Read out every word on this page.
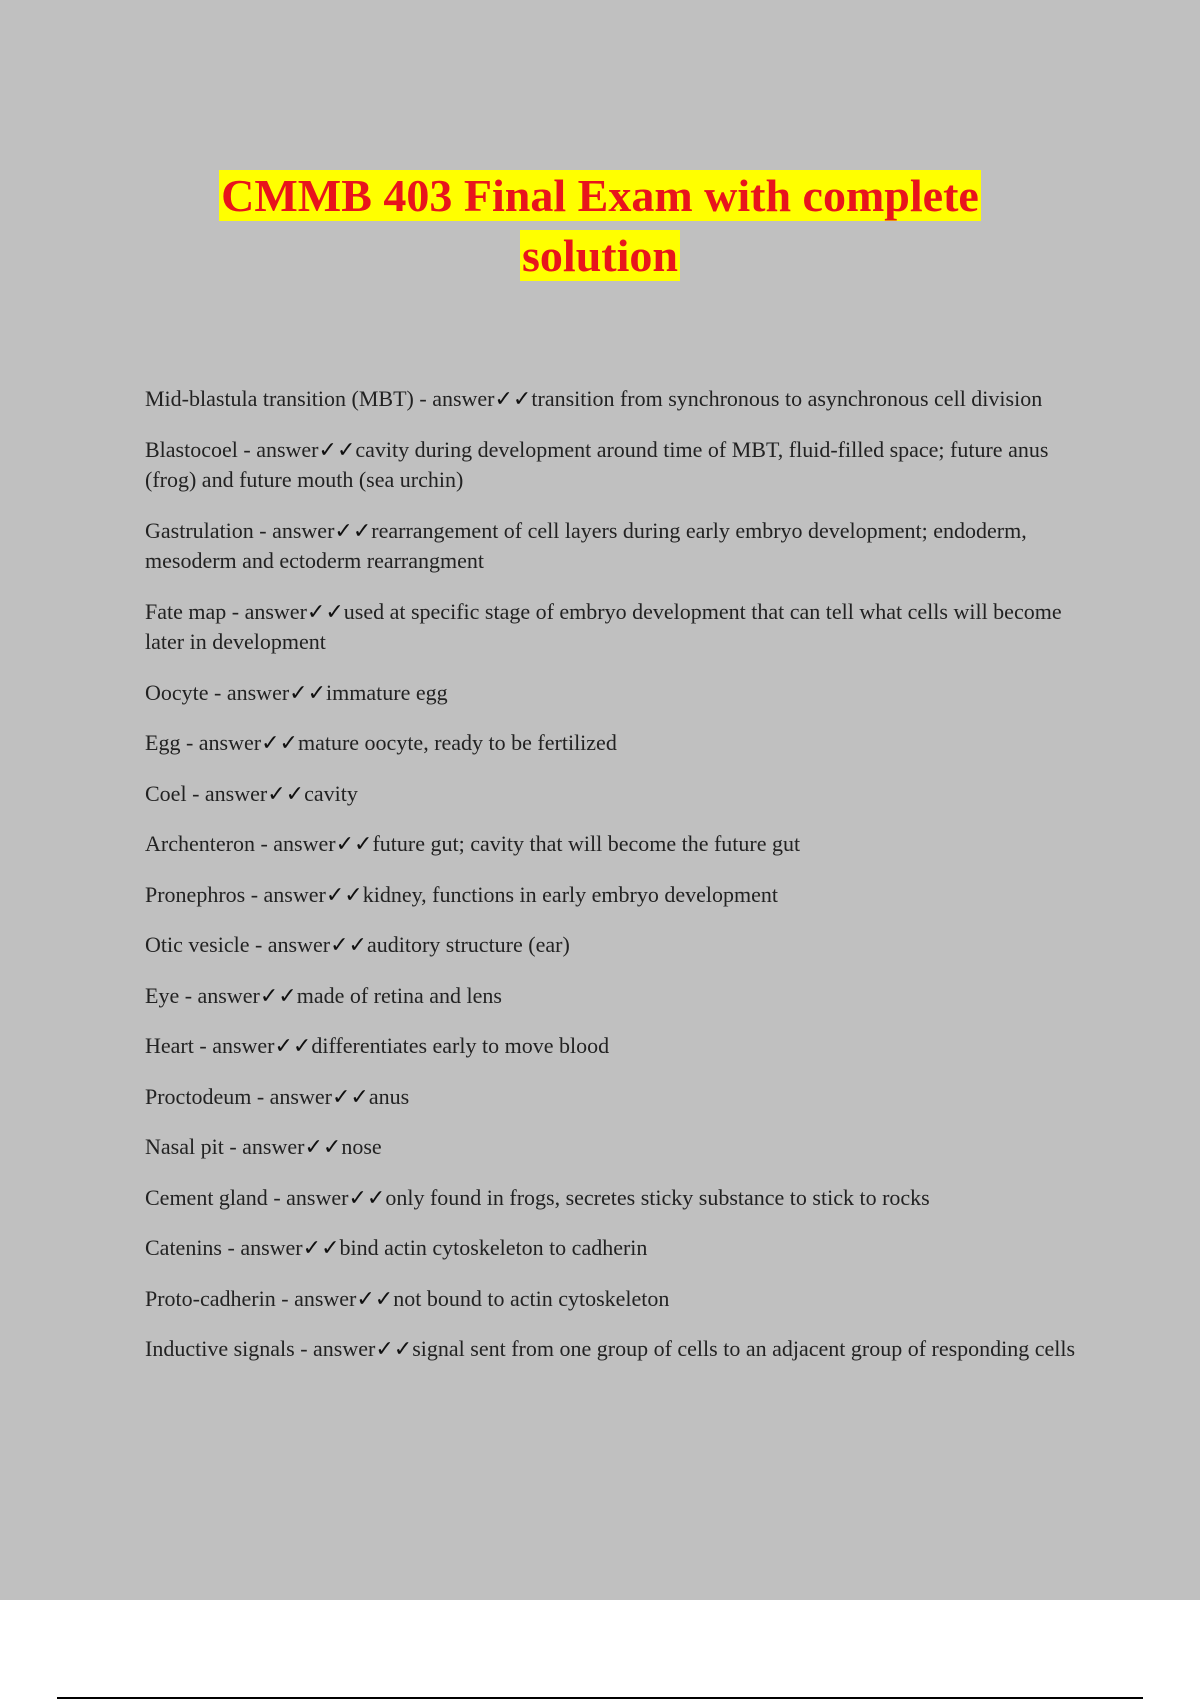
CMMB 403 Final Exam with complete
solution
Mid-blastula transition (MBT) - answer✓✓transition from synchronous to asynchronous cell division
Blastocoel - answer✓✓cavity during development around time of MBT, fluid-filled space; future anus (frog) and future mouth (sea urchin)
Gastrulation - answer✓✓rearrangement of cell layers during early embryo development; endoderm, mesoderm and ectoderm rearrangment
Fate map - answer✓✓used at specific stage of embryo development that can tell what cells will become later in development
Oocyte - answer✓✓immature egg
Egg - answer✓✓mature oocyte, ready to be fertilized
Coel - answer✓✓cavity
Archenteron - answer✓✓future gut; cavity that will become the future gut
Pronephros - answer✓✓kidney, functions in early embryo development
Otic vesicle - answer✓✓auditory structure (ear)
Eye - answer✓✓made of retina and lens
Heart - answer✓✓differentiates early to move blood
Proctodeum - answer✓✓anus
Nasal pit - answer✓✓nose
Cement gland - answer✓✓only found in frogs, secretes sticky substance to stick to rocks
Catenins - answer✓✓bind actin cytoskeleton to cadherin
Proto-cadherin - answer✓✓not bound to actin cytoskeleton
Inductive signals - answer✓✓signal sent from one group of cells to an adjacent group of responding cells
